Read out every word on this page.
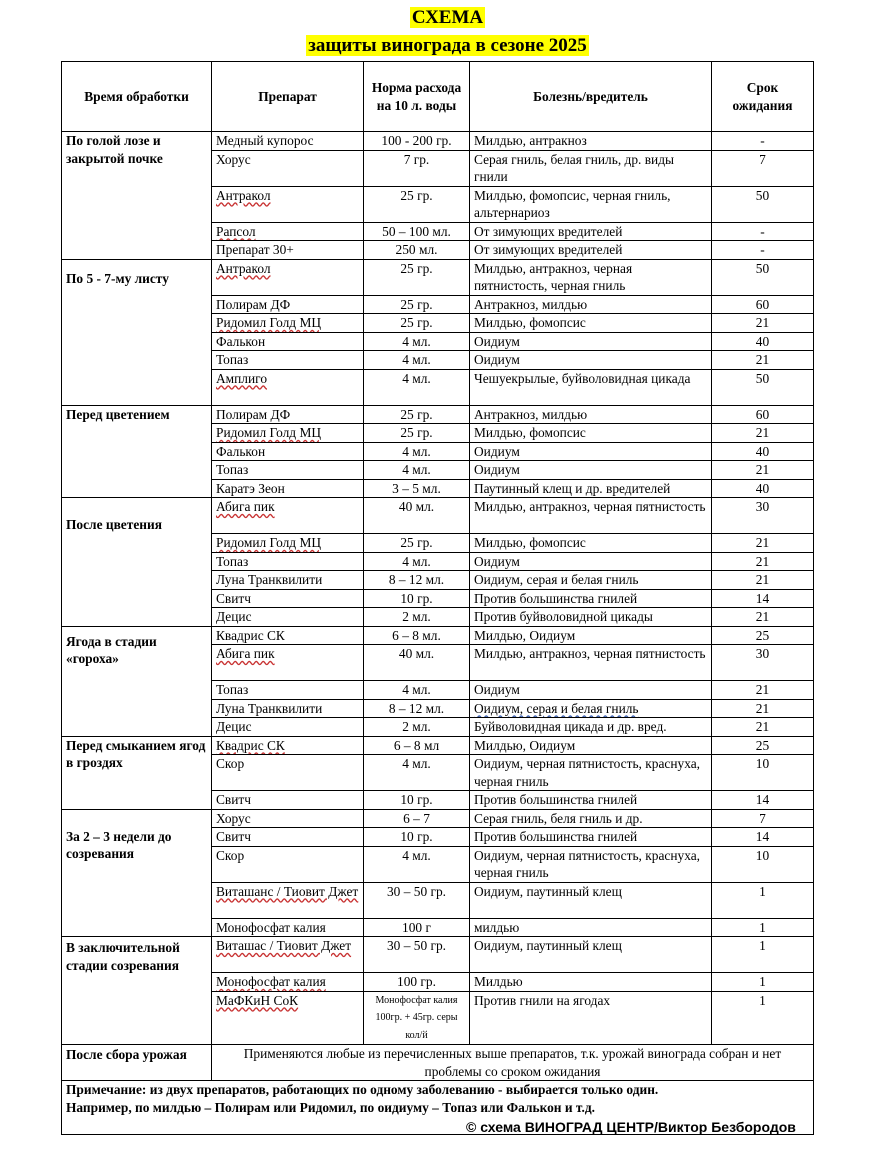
СХЕМА
защиты винограда в сезоне 2025
Время обработки	Препарат	Норма расхода на 10 л. воды	Болезнь/вредитель	Срок ожидания
По голой лозе и закрытой почке	Медный купорос	100 - 200 гр.	Милдью, антракноз	-
	Хорус	7 гр.	Серая гниль, белая гниль, др. виды гнили	7
	Антракол	25 гр.	Милдью, фомопсис, черная гниль, альтернариоз	50
	Рапсол	50 – 100 мл.	От зимующих вредителей	-
	Препарат 30+	250 мл.	От зимующих вредителей	-
По 5 - 7-му листу	Антракол	25 гр.	Милдью, антракноз, черная пятнистость, черная гниль	50
	Полирам ДФ	25 гр.	Антракноз, милдью	60
	Ридомил Голд МЦ	25 гр.	Милдью, фомопсис	21
	Фалькон	4 мл.	Оидиум	40
	Топаз	4 мл.	Оидиум	21
	Амплиго	4 мл.	Чешуекрылые, буйволовидная цикада	50
Перед цветением	Полирам ДФ	25 гр.	Антракноз, милдью	60
	Ридомил Голд МЦ	25 гр.	Милдью, фомопсис	21
	Фалькон	4 мл.	Оидиум	40
	Топаз	4 мл.	Оидиум	21
	Каратэ Зеон	3 – 5 мл.	Паутинный клещ и др. вредителей	40
После цветения	Абига пик	40 мл.	Милдью, антракноз, черная пятнистость	30
	Ридомил Голд МЦ	25 гр.	Милдью, фомопсис	21
	Топаз	4 мл.	Оидиум	21
	Луна Транквилити	8 – 12 мл.	Оидиум, серая и белая гниль	21
	Свитч	10 гр.	Против большинства гнилей	14
	Децис	2 мл.	Против буйволовидной цикады	21
Ягода в стадии «гороха»	Квадрис СК	6 – 8 мл.	Милдью, Оидиум	25
	Абига пик	40 мл.	Милдью, антракноз, черная пятнистость	30
	Топаз	4 мл.	Оидиум	21
	Луна Транквилити	8 – 12 мл.	Оидиум, серая и белая гниль	21
	Децис	2 мл.	Буйволовидная цикада и др. вред.	21
Перед смыканием ягод в гроздях	Квадрис СК	6 – 8 мл	Милдью, Оидиум	25
	Скор	4 мл.	Оидиум, черная пятнистость, краснуха, черная гниль	10
	Свитч	10 гр.	Против большинства гнилей	14
За 2 – 3 недели до созревания	Хорус	6 – 7	Серая гниль, беля гниль и др.	7
	Свитч	10 гр.	Против большинства гнилей	14
	Скор	4 мл.	Оидиум, черная пятнистость, краснуха, черная гниль	10
	Виташанс / Тиовит Джет	30 – 50 гр.	Оидиум, паутинный клещ	1
	Монофосфат калия	100 г	милдью	1
В заключительной стадии созревания	Виташас / Тиовит Джет	30 – 50 гр.	Оидиум, паутинный клещ	1
	Монофосфат калия	100 гр.	Милдью	1
	МаФКиН СоК	Монофосфат калия 100гр. + 45гр. серы кол/й	Против гнили на ягодах	1
После сбора урожая	Применяются любые из перечисленных выше препаратов, т.к. урожай винограда собран и нет проблемы со сроком ожидания			

Примечание: из двух препаратов, работающих по одному заболеванию - выбирается только один.
Например, по милдью – Полирам или Ридомил, по оидиуму – Топаз или Фалькон и т.д.				
© схема ВИНОГРАД ЦЕНТР/Виктор Безбородов
